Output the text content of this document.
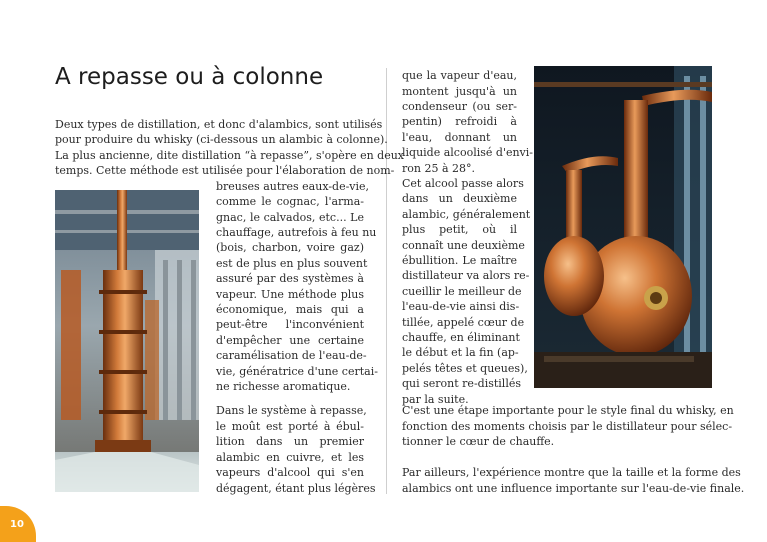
A repasse ou à colonne
Deux types de distillation, et donc d'alambics, sont utilisés
pour produire du whisky (ci-dessous un alambic à colonne).
La plus ancienne, dite distillation “à repasse”, s'opère en deux
temps. Cette méthode est utilisée pour l'élaboration de nom-
breuses autres eaux-de-vie,
comme le cognac, l'arma-
gnac, le calvados, etc... Le
chauffage, autrefois à feu nu
(bois, charbon, voire gaz)
est de plus en plus souvent
assuré par des systèmes à
vapeur. Une méthode plus
économique, mais qui a
peut-être l'inconvénient
d'empêcher une certaine
caramélisation de l'eau-de-
vie, génératrice d'une certai-
ne richesse aromatique.
Dans le système à repasse,
le moût est porté à ébul-
lition dans un premier
alambic en cuivre, et les
vapeurs d'alcool qui s'en
dégagent, étant plus légères
que la vapeur d'eau,
montent jusqu'à un
condenseur (ou ser-
pentin) refroidi à
l'eau, donnant un
liquide alcoolisé d'envi-
ron 25 à 28°.
Cet alcool passe alors
dans un deuxième
alambic, généralement
plus petit, où il
connaît une deuxième
ébullition. Le maître
distillateur va alors re-
cueillir le meilleur de
l'eau-de-vie ainsi dis-
tillée, appelé cœur de
chauffe, en éliminant
le début et la fin (ap-
pelés têtes et queues),
qui seront re-distillés
par la suite.
C'est une étape importante pour le style final du whisky, en
fonction des moments choisis par le distillateur pour sélec-
tionner le cœur de chauffe.
Par ailleurs, l'expérience montre que la taille et la forme des
alambics ont une influence importante sur l'eau-de-vie finale.
10
